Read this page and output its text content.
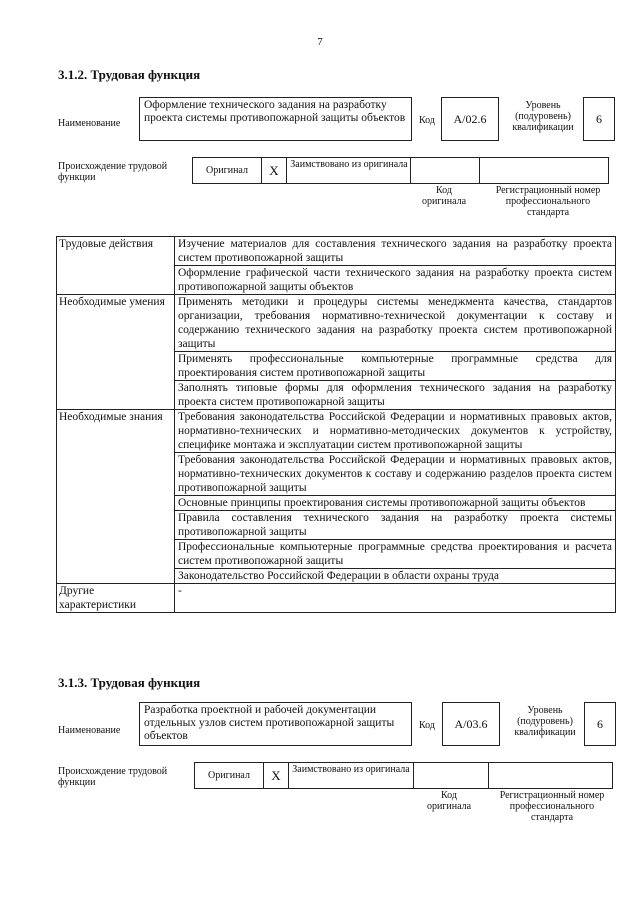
7
3.1.2. Трудовая функция
Наименование
Оформление технического задания на разработку проекта системы противопожарной защиты объектов	Код	A/02.6
Уровень (подуровень) квалификации
6
Происхождение трудовой функции
Оригинал	X	Заимствовано из оригинала
Код оригинала
Регистрационный номер профессионального стандарта
Трудовые действия	Изучение материалов для составления технического задания на разработку проекта систем противопожарной защиты
	Оформление графической части технического задания на разработку проекта систем противопожарной защиты объектов
Необходимые умения	Применять методики и процедуры системы менеджмента качества, стандартов организации, требования нормативно-технической документации к составу и содержанию технического задания на разработку проекта систем противопожарной защиты
	Применять профессиональные компьютерные программные средства для проектирования систем противопожарной защиты
	Заполнять типовые формы для оформления технического задания на разработку проекта систем противопожарной защиты
Необходимые знания	Требования законодательства Российской Федерации и нормативных правовых актов, нормативно-технических и нормативно-методических документов к устройству, специфике монтажа и эксплуатации систем противопожарной защиты
	Требования законодательства Российской Федерации и нормативных правовых актов, нормативно-технических документов к составу и содержанию разделов проекта систем противопожарной защиты
	Основные принципы проектирования системы противопожарной защиты объектов
	Правила составления технического задания на разработку проекта системы противопожарной защиты
	Профессиональные компьютерные программные средства проектирования и расчета систем противопожарной защиты
	Законодательство Российской Федерации в области охраны труда
Другие характеристики	-
3.1.3. Трудовая функция
Наименование
Разработка проектной и рабочей документации отдельных узлов систем противопожарной защиты объектов
Код	A/03.6
Уровень (подуровень) квалификации
6
Происхождение трудовой функции
Оригинал	X	Заимствовано из оригинала
Код оригинала
Регистрационный номер профессионального стандарта
